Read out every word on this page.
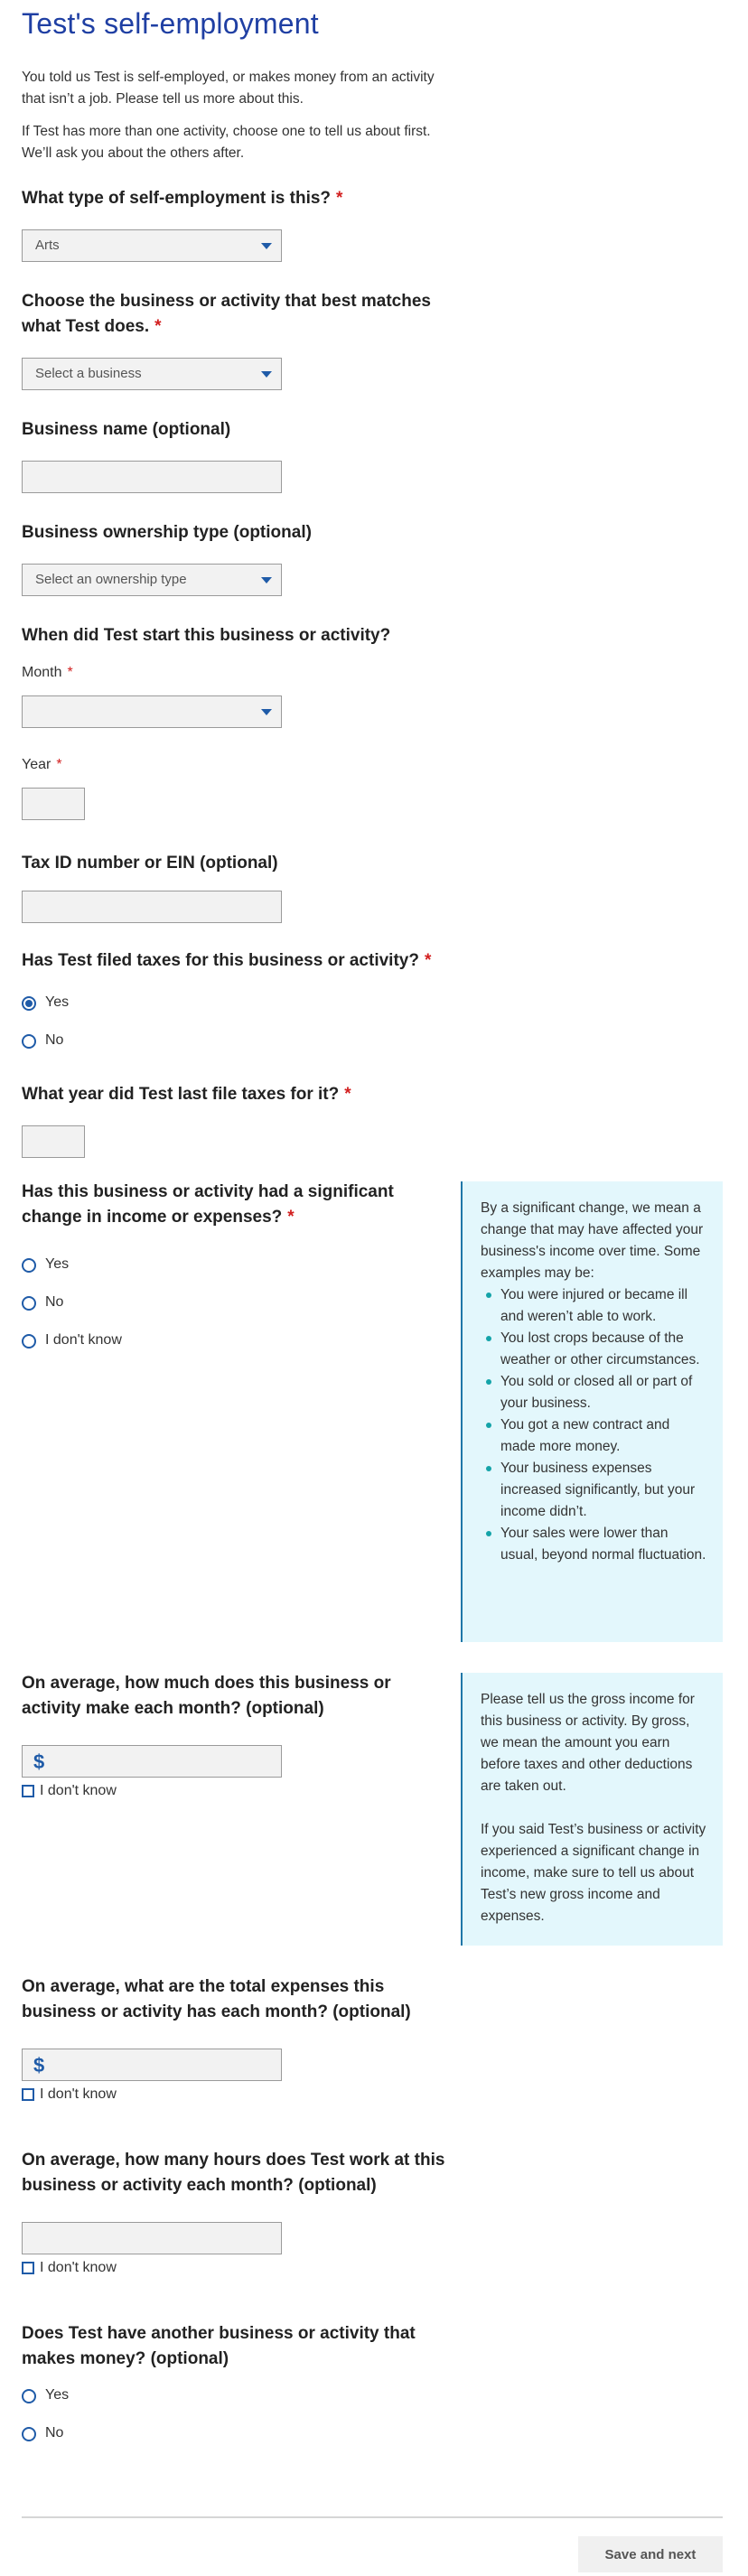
Test's self-employment

You told us Test is self-employed, or makes money from an activity that isn’t a job. Please tell us more about this.

If Test has more than one activity, choose one to tell us about first. We’ll ask you about the others after.

What type of self-employment is this? *
Arts
Choose the business or activity that best matches what Test does. *
Select a business
Business name (optional)
Business ownership type (optional)
Select an ownership type
When did Test start this business or activity?
Month *
Year *
Tax ID number or EIN (optional)
Has Test filed taxes for this business or activity? *
Yes
No
What year did Test last file taxes for it? *
Has this business or activity had a significant change in income or expenses? *
Yes
No
I don't know

By a significant change, we mean a change that may have affected your business's income over time. Some examples may be:

You were injured or became ill and weren’t able to work.
You lost crops because of the weather or other circumstances.
You sold or closed all or part of your business.
You got a new contract and made more money.
Your business expenses increased significantly, but your income didn’t.
Your sales were lower than usual, beyond normal fluctuation.
On average, how much does this business or activity make each month? (optional)
$
I don't know

Please tell us the gross income for this business or activity. By gross, we mean the amount you earn before taxes and other deductions are taken out.

If you said Test’s business or activity experienced a significant change in income, make sure to tell us about Test’s new gross income and expenses.

On average, what are the total expenses this business or activity has each month? (optional)
$
I don't know
On average, how many hours does Test work at this business or activity each month? (optional)
I don't know
Does Test have another business or activity that makes money? (optional)
Yes
No
Save and next
